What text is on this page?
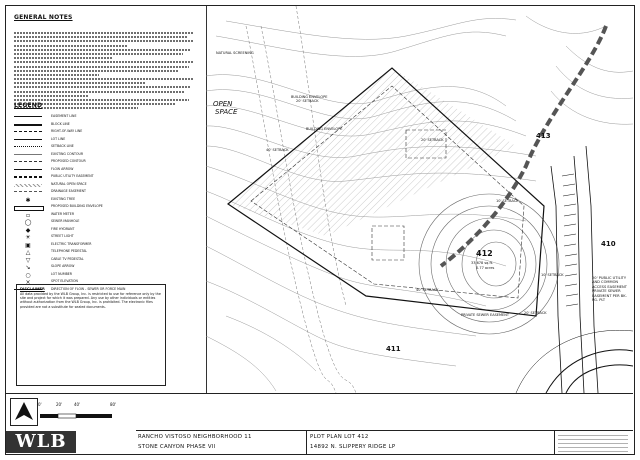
GENERAL NOTES
LEGEND
EASEMENT LINE
BLOCK LINE
RIGHT-OF-WAY LINE
LOT LINE
SETBACK LINE
EXISTING CONTOUR
PROPOSED CONTOUR
FLOW ARROW
PUBLIC UTILITY EASEMENT
NATURAL OPEN SPACE
DRAINAGE EASEMENT
✱	EXISTING TREE
PROPOSED BUILDING ENVELOPE
▫	WATER METER
◯	SEWER MANHOLE
◆	FIRE HYDRANT
☀	STREET LIGHT
▣	ELECTRIC TRANSFORMER
△	TELEPHONE PEDESTAL
▽	CABLE TV PEDESTAL
↘	SLOPE ARROW
○	LOT NUMBER
×	SPOT ELEVATION
DIRECTION OF FLOW - SEWER OR FORCE MAIN
DISCLAIMER
All data provided by the WLB Group, Inc. is restricted to use for reference only by the site and project for which it was prepared. Any use by other individuals or entities without authorization from the WLB Group, Inc. is prohibited. The electronic files provided are not a substitute for sealed documents.
OPEN
SPACE
412
33,678 sq.ft.
0.77 acres
413
411
410
20' SETBACK
40' SETBACK
20' SETBACK
10' SETBACK
10' SETBACK
20' SETBACK
40' SETBACK
BUILDING ENVELOPE
BUILDING ENVELOPE
PRIVATE SEWER EASEMENT
NATURAL SCREENING
20' PUBLIC UTILITY AND COMMON ACCESS EASEMENT PRIVATE SEWER EASEMENT PER BK. PG. PLT
0'	20'	40'	80'
WLB	RANCHO VISTOSO NEIGHBORHOOD 11
STONE CANYON PHASE VII
PLOT PLAN LOT 412
14892 N. SLIPPERY RIDGE LP
